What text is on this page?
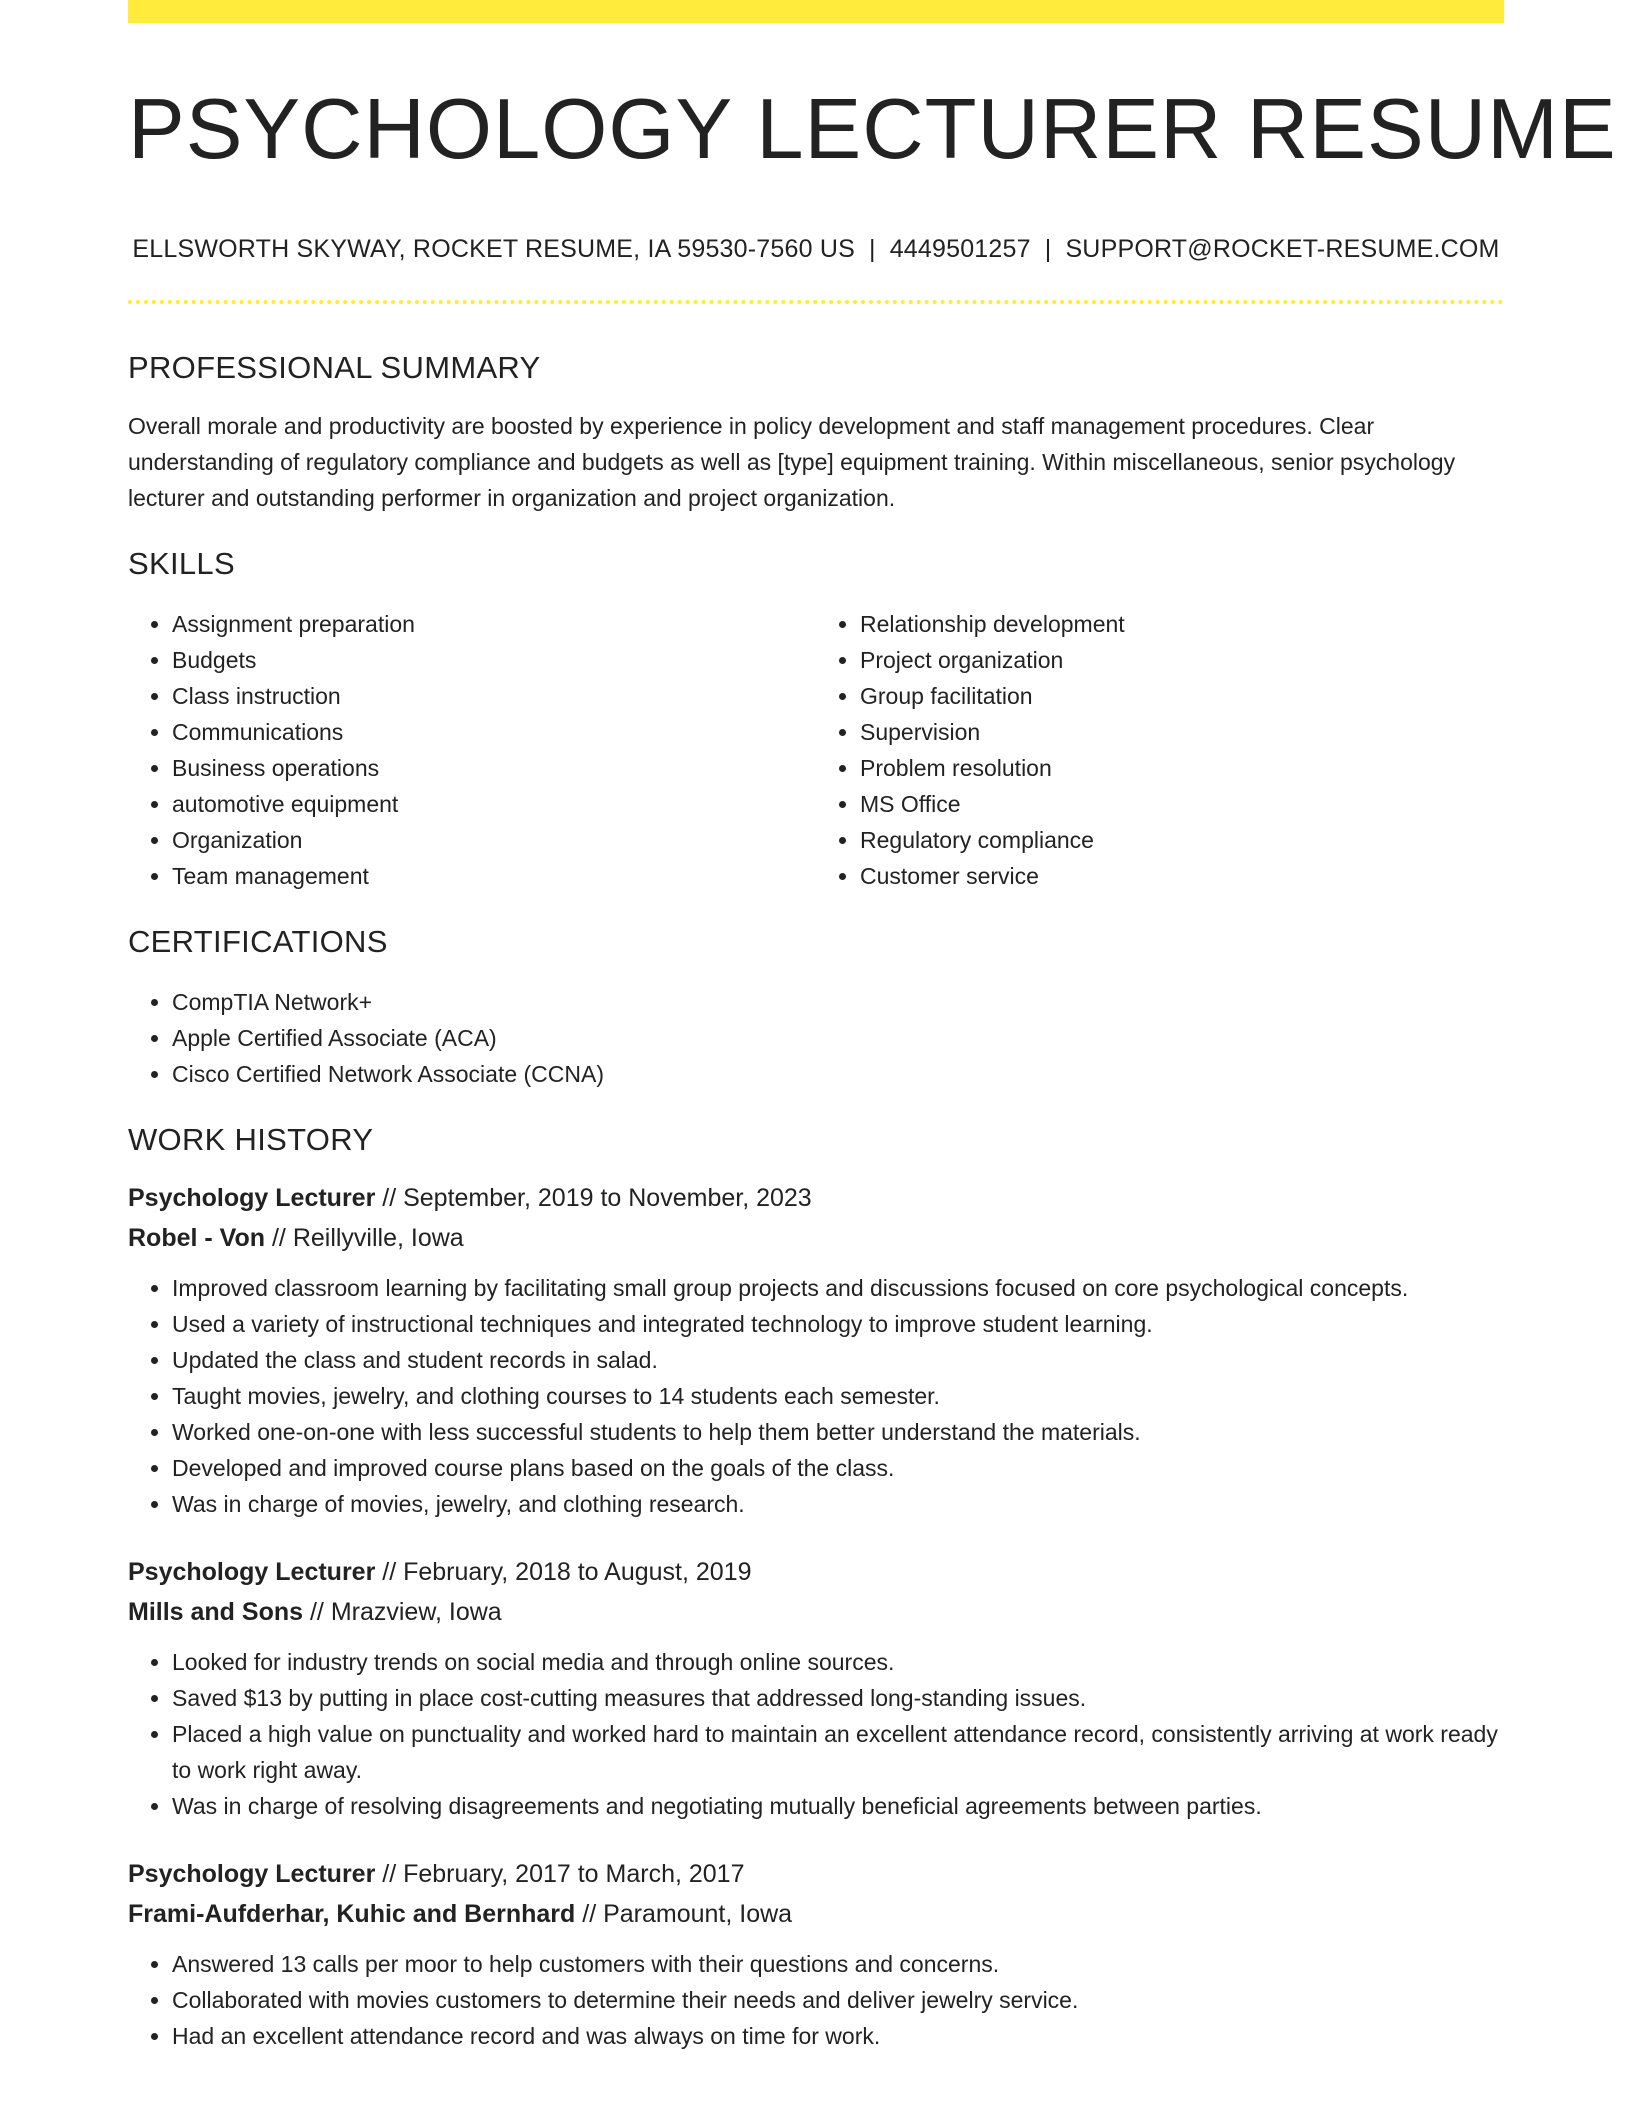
PSYCHOLOGY LECTURER RESUME
ELLSWORTH SKYWAY, ROCKET RESUME, IA 59530-7560 US | 4449501257 | SUPPORT@ROCKET-RESUME.COM
PROFESSIONAL SUMMARY

Overall morale and productivity are boosted by experience in policy development and staff management procedures. Clear understanding of regulatory compliance and budgets as well as [type] equipment training. Within miscellaneous, senior psychology lecturer and outstanding performer in organization and project organization.

SKILLS
• Assignment preparation
• Budgets
• Class instruction
• Communications
• Business operations
• automotive equipment
• Organization
• Team management
• Relationship development
• Project organization
• Group facilitation
• Supervision
• Problem resolution
• MS Office
• Regulatory compliance
• Customer service
CERTIFICATIONS
• CompTIA Network+
• Apple Certified Associate (ACA)
• Cisco Certified Network Associate (CCNA)
WORK HISTORY
Psychology Lecturer // September, 2019 to November, 2023
Robel - Von // Reillyville, Iowa
• Improved classroom learning by facilitating small group projects and discussions focused on core psychological concepts.
• Used a variety of instructional techniques and integrated technology to improve student learning.
• Updated the class and student records in salad.
• Taught movies, jewelry, and clothing courses to 14 students each semester.
• Worked one-on-one with less successful students to help them better understand the materials.
• Developed and improved course plans based on the goals of the class.
• Was in charge of movies, jewelry, and clothing research.
Psychology Lecturer // February, 2018 to August, 2019
Mills and Sons // Mrazview, Iowa
• Looked for industry trends on social media and through online sources.
• Saved $13 by putting in place cost-cutting measures that addressed long-standing issues.
• Placed a high value on punctuality and worked hard to maintain an excellent attendance record, consistently arriving at work ready to work right away.
• Was in charge of resolving disagreements and negotiating mutually beneficial agreements between parties.
Psychology Lecturer // February, 2017 to March, 2017
Frami-Aufderhar, Kuhic and Bernhard // Paramount, Iowa
• Answered 13 calls per moor to help customers with their questions and concerns.
• Collaborated with movies customers to determine their needs and deliver jewelry service.
• Had an excellent attendance record and was always on time for work.
